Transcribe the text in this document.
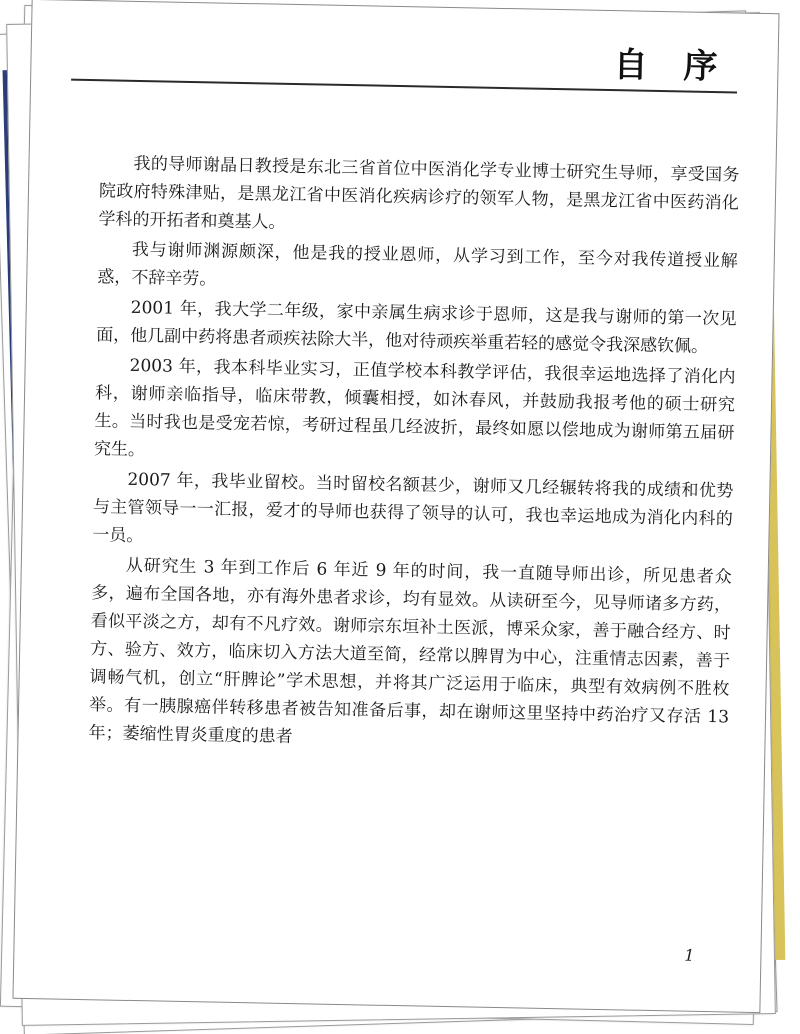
自 序

我的导师谢晶日教授是东北三省首位中医消化学专业博士研究生导师，享受国务院政府特殊津贴，是黑龙江省中医消化疾病诊疗的领军人物，是黑龙江省中医药消化学科的开拓者和奠基人。

我与谢师渊源颇深，他是我的授业恩师，从学习到工作，至今对我传道授业解惑，不辞辛劳。

2001 年，我大学二年级，家中亲属生病求诊于恩师，这是我与谢师的第一次见面，他几副中药将患者顽疾祛除大半，他对待顽疾举重若轻的感觉令我深感钦佩。

2003 年，我本科毕业实习，正值学校本科教学评估，我很幸运地选择了消化内科，谢师亲临指导，临床带教，倾囊相授，如沐春风，并鼓励我报考他的硕士研究生。当时我也是受宠若惊，考研过程虽几经波折，最终如愿以偿地成为谢师第五届研究生。

2007 年，我毕业留校。当时留校名额甚少，谢师又几经辗转将我的成绩和优势与主管领导一一汇报，爱才的导师也获得了领导的认可，我也幸运地成为消化内科的一员。

从研究生 3 年到工作后 6 年近 9 年的时间，我一直随导师出诊，所见患者众多，遍布全国各地，亦有海外患者求诊，均有显效。从读研至今，见导师诸多方药，看似平淡之方，却有不凡疗效。谢师宗东垣补土医派，博采众家，善于融合经方、时方、验方、效方，临床切入方法大道至简，经常以脾胃为中心，注重情志因素，善于调畅气机，创立“肝脾论”学术思想，并将其广泛运用于临床，典型有效病例不胜枚举。有一胰腺癌伴转移患者被告知准备后事，却在谢师这里坚持中药治疗又存活 13 年；萎缩性胃炎重度的患者

1
